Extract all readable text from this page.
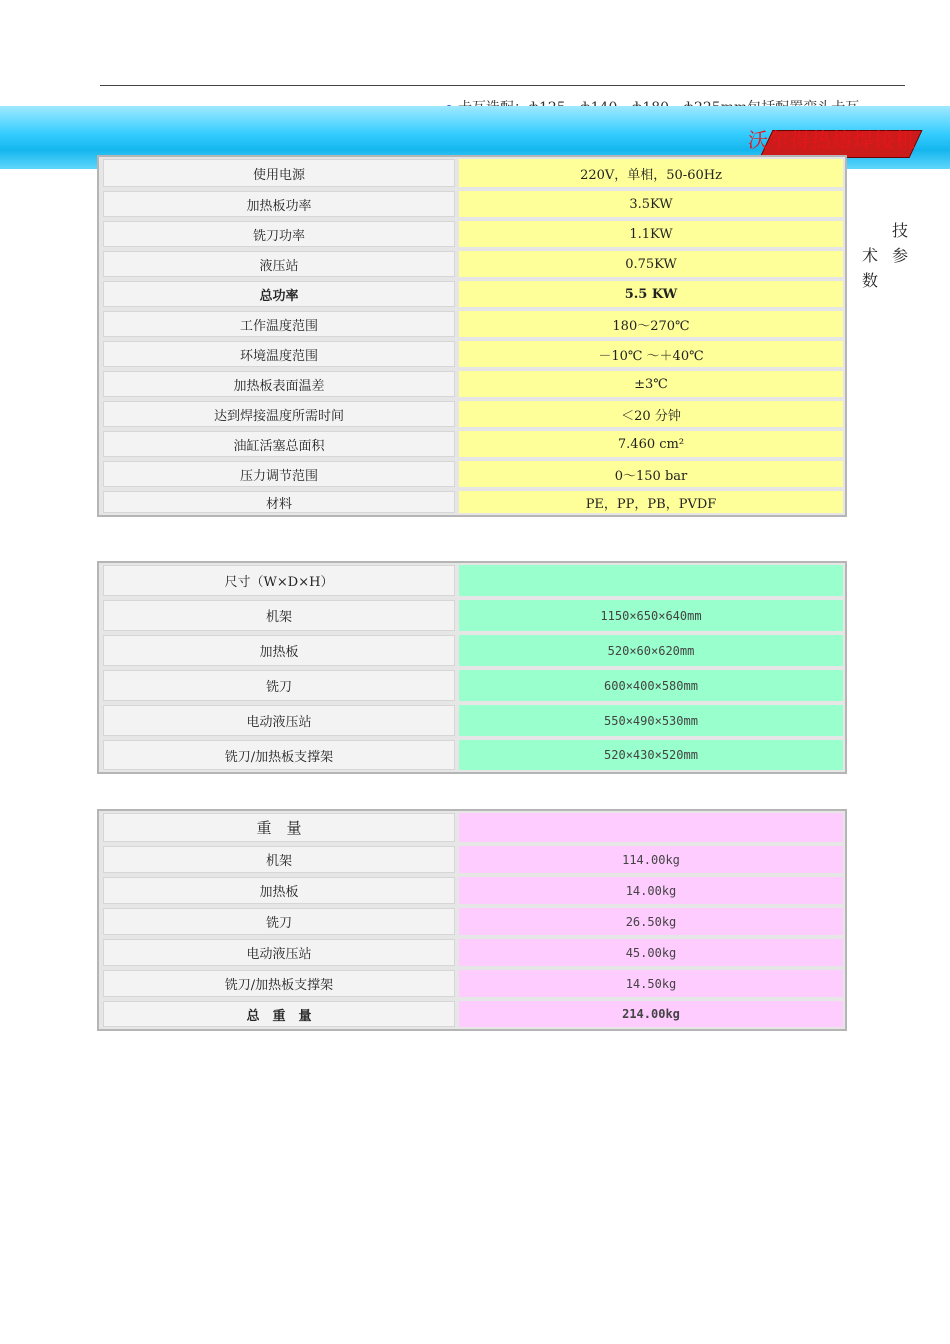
沃尔得热熔焊接机
技
术 参
数
使用电源	220V，单相，50-60Hz
加热板功率	3.5KW
铣刀功率	1.1KW
液压站	0.75KW
总功率	5.5 KW
工作温度范围	180～270℃
环境温度范围	－10℃ ～＋40℃
加热板表面温差	±3℃
达到焊接温度所需时间	＜20 分钟
油缸活塞总面积	7.460 cm²
压力调节范围	0～150 bar
材料	PE，PP，PB，PVDF
尺寸（W×D×H）
机架	1150×650×640mm
加热板	520×60×620mm
铣刀	600×400×580mm
电动液压站	550×490×530mm
铣刀/加热板支撑架	520×430×520mm
重　量
机架	114.00kg
加热板	14.00kg
铣刀	26.50kg
电动液压站	45.00kg
铣刀/加热板支撑架	14.50kg
总　重　量	214.00kg
